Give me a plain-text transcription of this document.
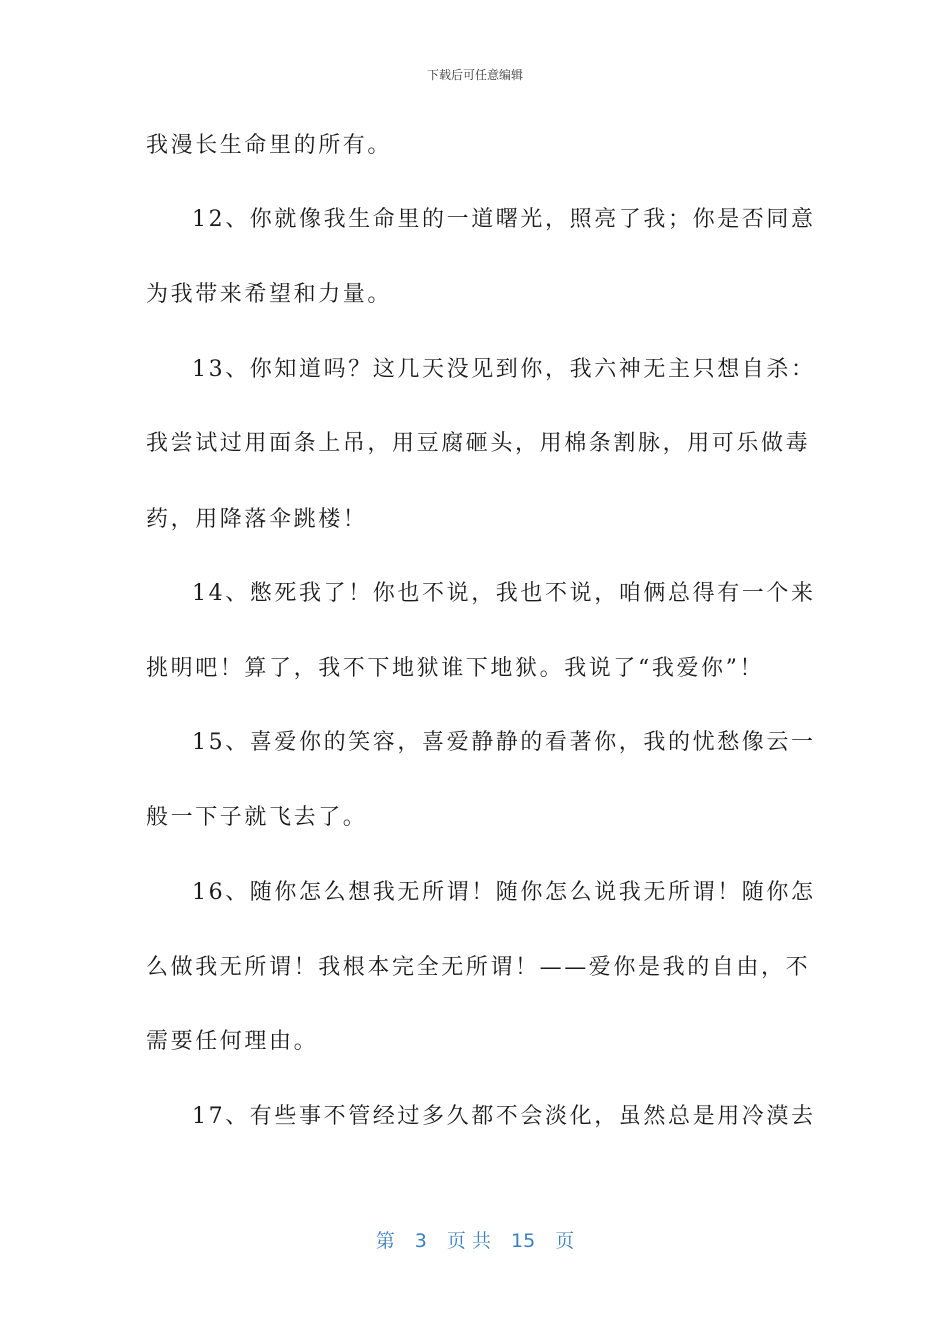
下载后可任意编辑
我漫长生命里的所有。
12、你就像我生命里的一道曙光，照亮了我；你是否同意
为我带来希望和力量。
13、你知道吗？这几天没见到你，我六神无主只想自杀：
我尝试过用面条上吊，用豆腐砸头，用棉条割脉，用可乐做毒
药，用降落伞跳楼！
14、憋死我了！你也不说，我也不说，咱俩总得有一个来
挑明吧！算了，我不下地狱谁下地狱。我说了“我爱你”！
15、喜爱你的笑容，喜爱静静的看著你，我的忧愁像云一
般一下子就飞去了。
16、随你怎么想我无所谓！随你怎么说我无所谓！随你怎
么做我无所谓！我根本完全无所谓！——爱你是我的自由，不
需要任何理由。
17、有些事不管经过多久都不会淡化，虽然总是用冷漠去
第 3 页 共 15 页
